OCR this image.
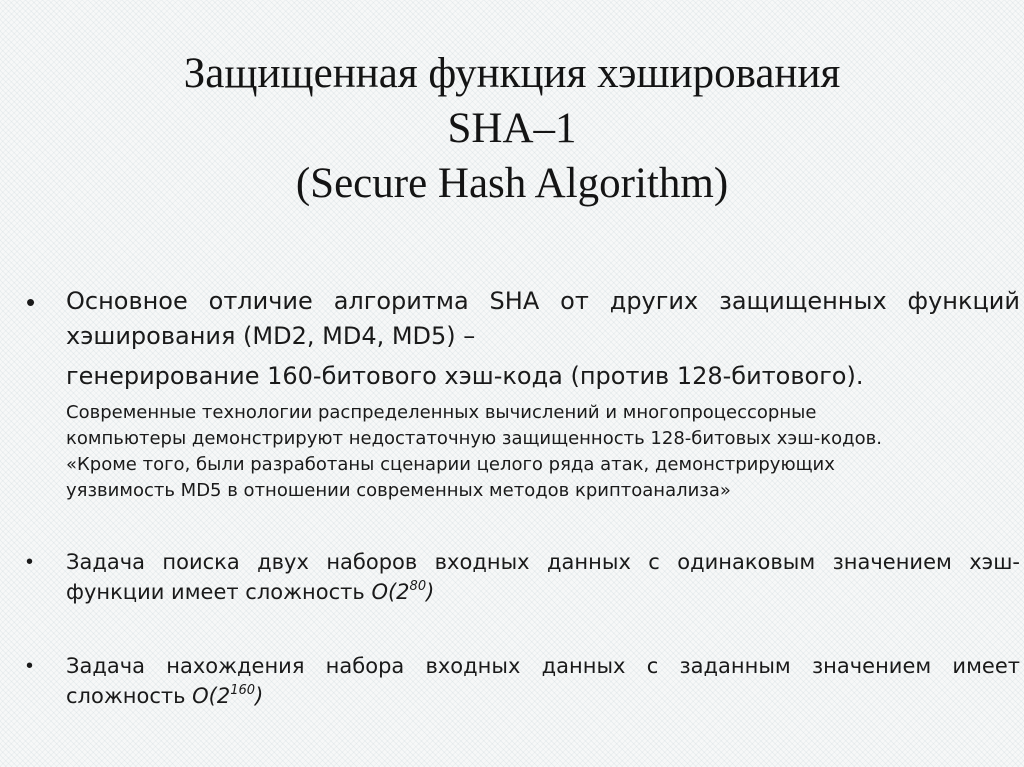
Защищенная функция хэширования
SHA–1
(Secure Hash Algorithm)
• Основное отличие алгоритма SHA от других защищенных функций хэширования (MD2, MD4, MD5) –
генерирование 160-битового хэш-кода (против 128-битового).
Современные технологии распределенных вычислений и многопроцессорные
компьютеры демонстрируют недостаточную защищенность 128-битовых хэш-кодов.
«Кроме того, были разработаны сценарии целого ряда атак, демонстрирующих
уязвимость MD5 в отношении современных методов криптоанализа»
• Задача поиска двух наборов входных данных с одинаковым значением хэш-функции имеет сложность $O(2^{80})$
• Задача нахождения набора входных данных с заданным значением имеет сложность $O(2^{160})$
